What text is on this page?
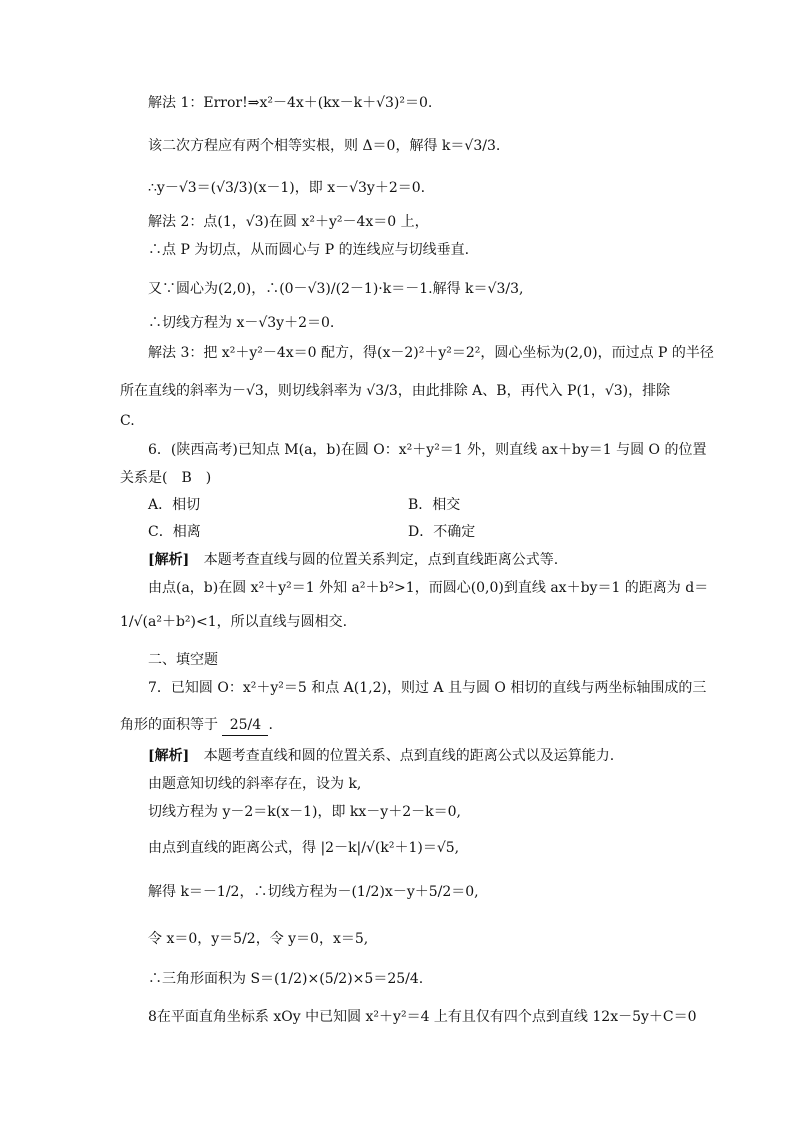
解法 1：Error!⇒x²－4x＋(kx－k＋√3)²＝0.
该二次方程应有两个相等实根，则 Δ＝0，解得 k＝√3/3.
∴y－√3＝(√3/3)(x－1)，即 x－√3y＋2＝0.
解法 2：点(1，√3)在圆 x²＋y²－4x＝0 上，
∴点 P 为切点，从而圆心与 P 的连线应与切线垂直.
又∵圆心为(2,0)，∴(0－√3)/(2－1)·k＝－1.解得 k＝√3/3,
∴切线方程为 x－√3y＋2＝0.
解法 3：把 x²＋y²－4x＝0 配方，得(x－2)²＋y²＝2²，圆心坐标为(2,0)，而过点 P 的半径
所在直线的斜率为－√3，则切线斜率为 √3/3，由此排除 A、B，再代入 P(1，√3)，排除
C.
6．(陕西高考)已知点 M(a，b)在圆 O：x²＋y²＝1 外，则直线 ax＋by＝1 与圆 O 的位置
关系是(　B　)
A．相切	B．相交
C．相离	D．不确定
[解析] 本题考查直线与圆的位置关系判定，点到直线距离公式等.
由点(a，b)在圆 x²＋y²＝1 外知 a²＋b²>1，而圆心(0,0)到直线 ax＋by＝1 的距离为 d＝
1/√(a²＋b²)<1，所以直线与圆相交.
二、填空题
7．已知圆 O：x²＋y²＝5 和点 A(1,2)，则过 A 且与圆 O 相切的直线与两坐标轴围成的三
角形的面积等于 25/4 .
[解析] 本题考查直线和圆的位置关系、点到直线的距离公式以及运算能力.
由题意知切线的斜率存在，设为 k,
切线方程为 y－2＝k(x－1)，即 kx－y＋2－k＝0,
由点到直线的距离公式，得 |2－k|/√(k²＋1)＝√5,
解得 k＝－1/2，∴切线方程为－(1/2)x－y＋5/2＝0,
令 x＝0，y＝5/2，令 y＝0，x＝5,
∴三角形面积为 S＝(1/2)×(5/2)×5＝25/4.
8在平面直角坐标系 xOy 中已知圆 x²＋y²＝4 上有且仅有四个点到直线 12x－5y＋C＝0
